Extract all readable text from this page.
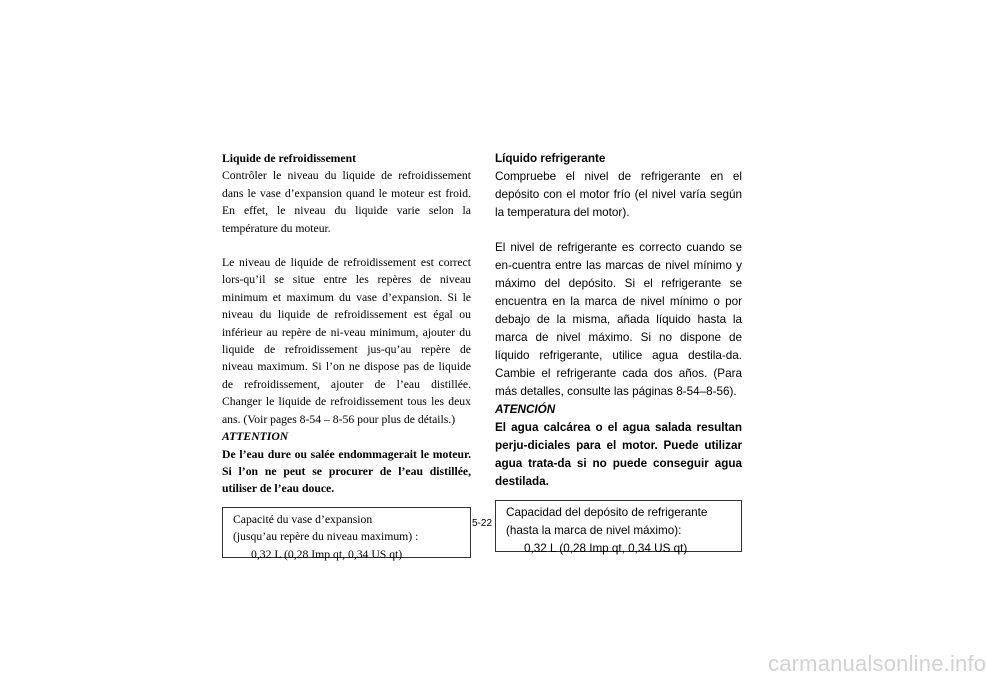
Liquide de refroidissement

Contrôler le niveau du liquide de refroidissement dans le vase d’expansion quand le moteur est froid. En effet, le niveau du liquide varie selon la température du moteur.

Le niveau de liquide de refroidissement est correct lors-qu’il se situe entre les repères de niveau minimum et maximum du vase d’expansion. Si le niveau du liquide de refroidissement est égal ou inférieur au repère de ni-veau minimum, ajouter du liquide de refroidissement jus-qu’au repère de niveau maximum. Si l’on ne dispose pas de liquide de refroidissement, ajouter de l’eau distillée. Changer le liquide de refroidissement tous les deux ans. (Voir pages 8-54 – 8-56 pour plus de détails.)

ATTENTION
De l’eau dure ou salée endommagerait le moteur. Si l’on ne peut se procurer de l’eau distillée, utiliser de l’eau douce.
Capacité du vase d’expansion
(jusqu’au repère du niveau maximum) :
0,32 L (0,28 Imp qt, 0,34 US qt)
Líquido refrigerante

Compruebe el nivel de refrigerante en el depósito con el motor frío (el nivel varía según la temperatura del motor).

El nivel de refrigerante es correcto cuando se en-cuentra entre las marcas de nivel mínimo y máximo del depósito. Si el refrigerante se encuentra en la marca de nivel mínimo o por debajo de la misma, añada líquido hasta la marca de nivel máximo. Si no dispone de líquido refrigerante, utilice agua destila-da. Cambie el refrigerante cada dos años. (Para más detalles, consulte las páginas 8-54–8-56).

ATENCIÓN
El agua calcárea o el agua salada resultan perju-diciales para el motor. Puede utilizar agua trata-da si no puede conseguir agua destilada.
Capacidad del depósito de refrigerante
(hasta la marca de nivel máximo):
0,32 L (0,28 Imp qt, 0,34 US qt)
5-22
carmanualsonline.info
